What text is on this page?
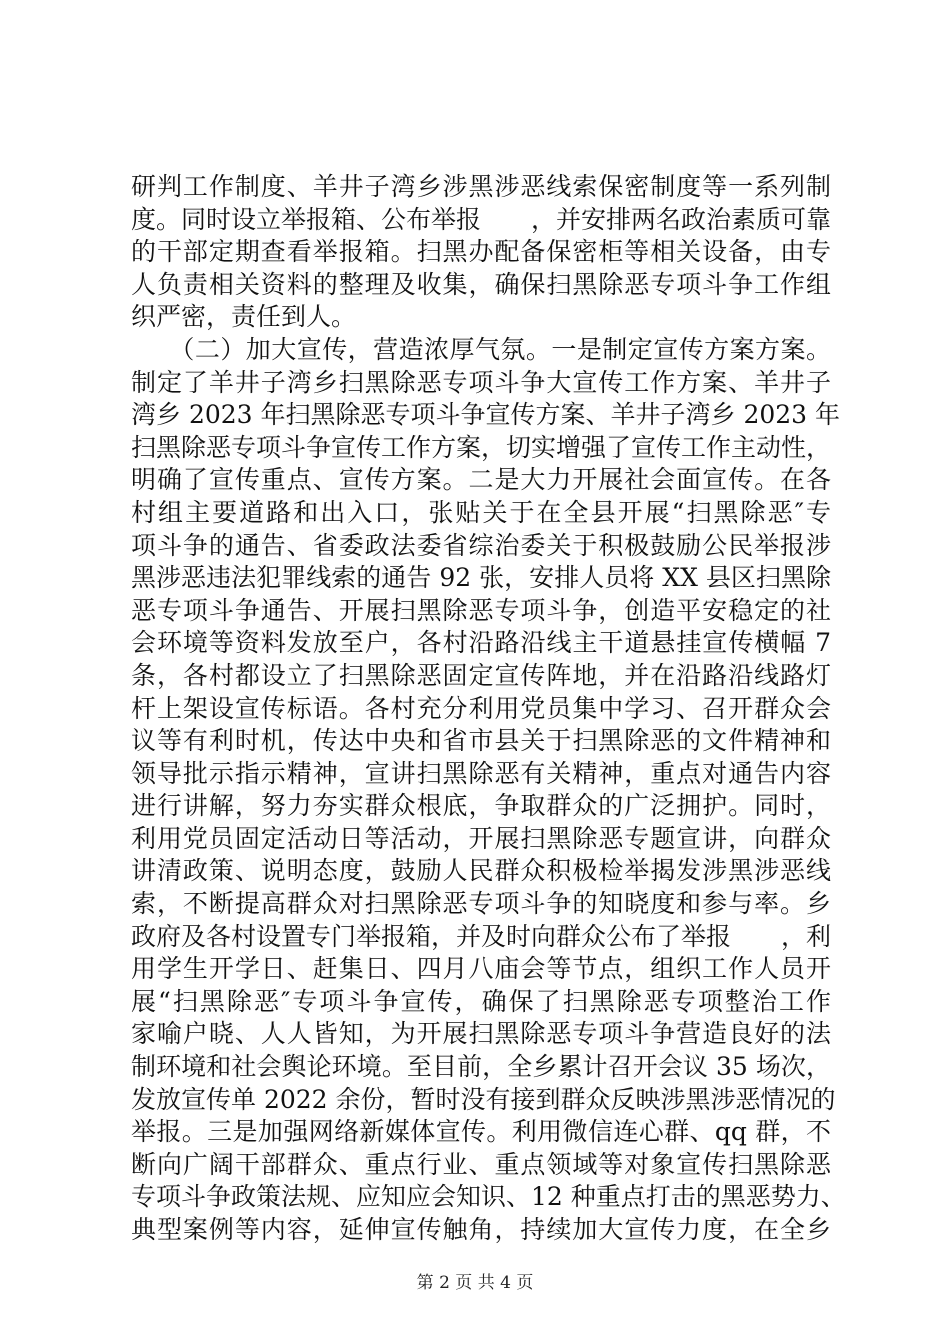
研判工作制度、羊井子湾乡涉黑涉恶线索保密制度等一系列制
度。同时设立举报箱、公布举报　　，并安排两名政治素质可靠
的干部定期查看举报箱。扫黑办配备保密柜等相关设备，由专
人负责相关资料的整理及收集，确保扫黑除恶专项斗争工作组
织严密，责任到人。
　　（二）加大宣传，营造浓厚气氛。一是制定宣传方案方案。
制定了羊井子湾乡扫黑除恶专项斗争大宣传工作方案、羊井子
湾乡 2023 年扫黑除恶专项斗争宣传方案、羊井子湾乡 2023 年
扫黑除恶专项斗争宣传工作方案，切实增强了宣传工作主动性，
明确了宣传重点、宣传方案。二是大力开展社会面宣传。在各
村组主要道路和出入口，张贴关于在全县开展“扫黑除恶″专
项斗争的通告、省委政法委省综治委关于积极鼓励公民举报涉
黑涉恶违法犯罪线索的通告 92 张，安排人员将 XX 县区扫黑除
恶专项斗争通告、开展扫黑除恶专项斗争，创造平安稳定的社
会环境等资料发放至户，各村沿路沿线主干道悬挂宣传横幅 7
条，各村都设立了扫黑除恶固定宣传阵地，并在沿路沿线路灯
杆上架设宣传标语。各村充分利用党员集中学习、召开群众会
议等有利时机，传达中央和省市县关于扫黑除恶的文件精神和
领导批示指示精神，宣讲扫黑除恶有关精神，重点对通告内容
进行讲解，努力夯实群众根底，争取群众的广泛拥护。同时，
利用党员固定活动日等活动，开展扫黑除恶专题宣讲，向群众
讲清政策、说明态度，鼓励人民群众积极检举揭发涉黑涉恶线
索，不断提高群众对扫黑除恶专项斗争的知晓度和参与率。乡
政府及各村设置专门举报箱，并及时向群众公布了举报　　，利
用学生开学日、赶集日、四月八庙会等节点，组织工作人员开
展“扫黑除恶″专项斗争宣传，确保了扫黑除恶专项整治工作
家喻户晓、人人皆知，为开展扫黑除恶专项斗争营造良好的法
制环境和社会舆论环境。至目前，全乡累计召开会议 35 场次，
发放宣传单 2022 余份，暂时没有接到群众反映涉黑涉恶情况的
举报。三是加强网络新媒体宣传。利用微信连心群、qq 群，不
断向广阔干部群众、重点行业、重点领域等对象宣传扫黑除恶
专项斗争政策法规、应知应会知识、12 种重点打击的黑恶势力、
典型案例等内容，延伸宣传触角，持续加大宣传力度，在全乡
第 2 页 共 4 页
